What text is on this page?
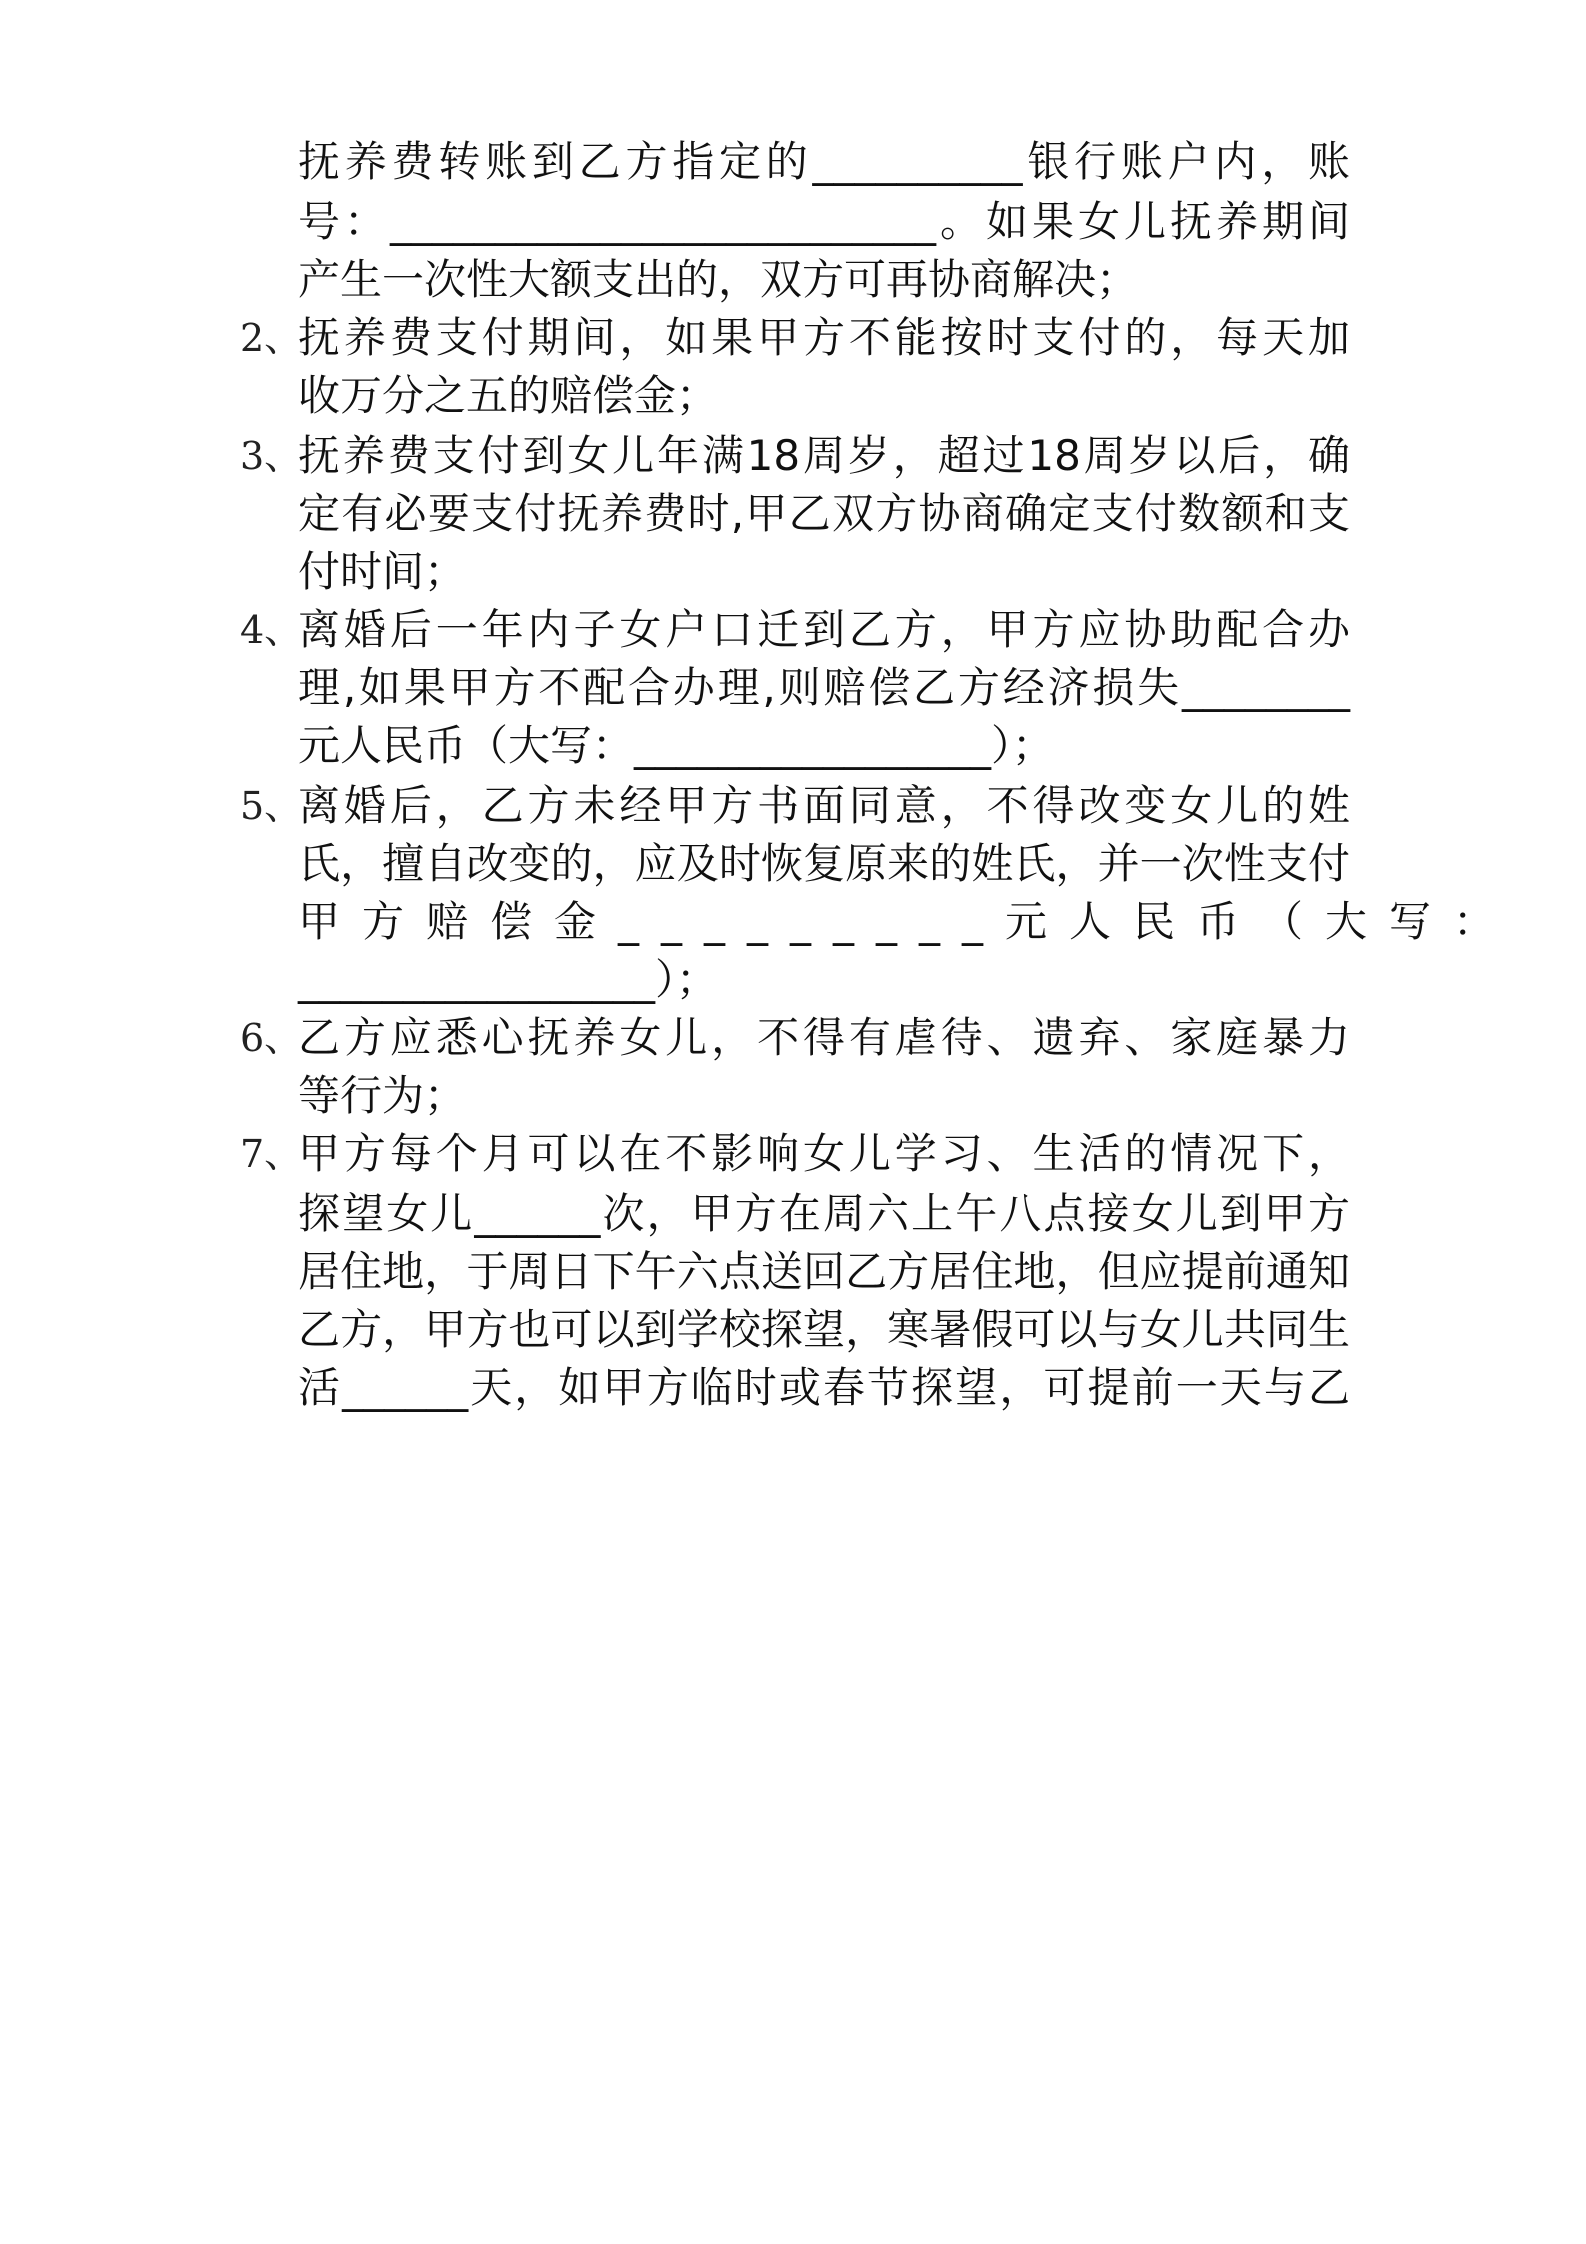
抚养费转账到乙方指定的__________银行账户内，账
号：__________________________。如果女儿抚养期间
产生一次性大额支出的，双方可再协商解决；
2、
抚养费支付期间，如果甲方不能按时支付的，每天加
收万分之五的赔偿金；
3、
抚养费支付到女儿年满18周岁，超过18周岁以后，确
定有必要支付抚养费时,甲乙双方协商确定支付数额和支
付时间；
4、
离婚后一年内子女户口迁到乙方，甲方应协助配合办
理,如果甲方不配合办理,则赔偿乙方经济损失________
元人民币（大写：_________________）；
5、
离婚后，乙方未经甲方书面同意，不得改变女儿的姓
氏，擅自改变的，应及时恢复原来的姓氏，并一次性支付
甲方赔偿金_________元人民币（大写：
_________________）；
6、
乙方应悉心抚养女儿，不得有虐待、遗弃、家庭暴力
等行为；
7、
甲方每个月可以在不影响女儿学习、生活的情况下，
探望女儿______次，甲方在周六上午八点接女儿到甲方
居住地，于周日下午六点送回乙方居住地，但应提前通知
乙方，甲方也可以到学校探望，寒暑假可以与女儿共同生
活______天，如甲方临时或春节探望，可提前一天与乙
